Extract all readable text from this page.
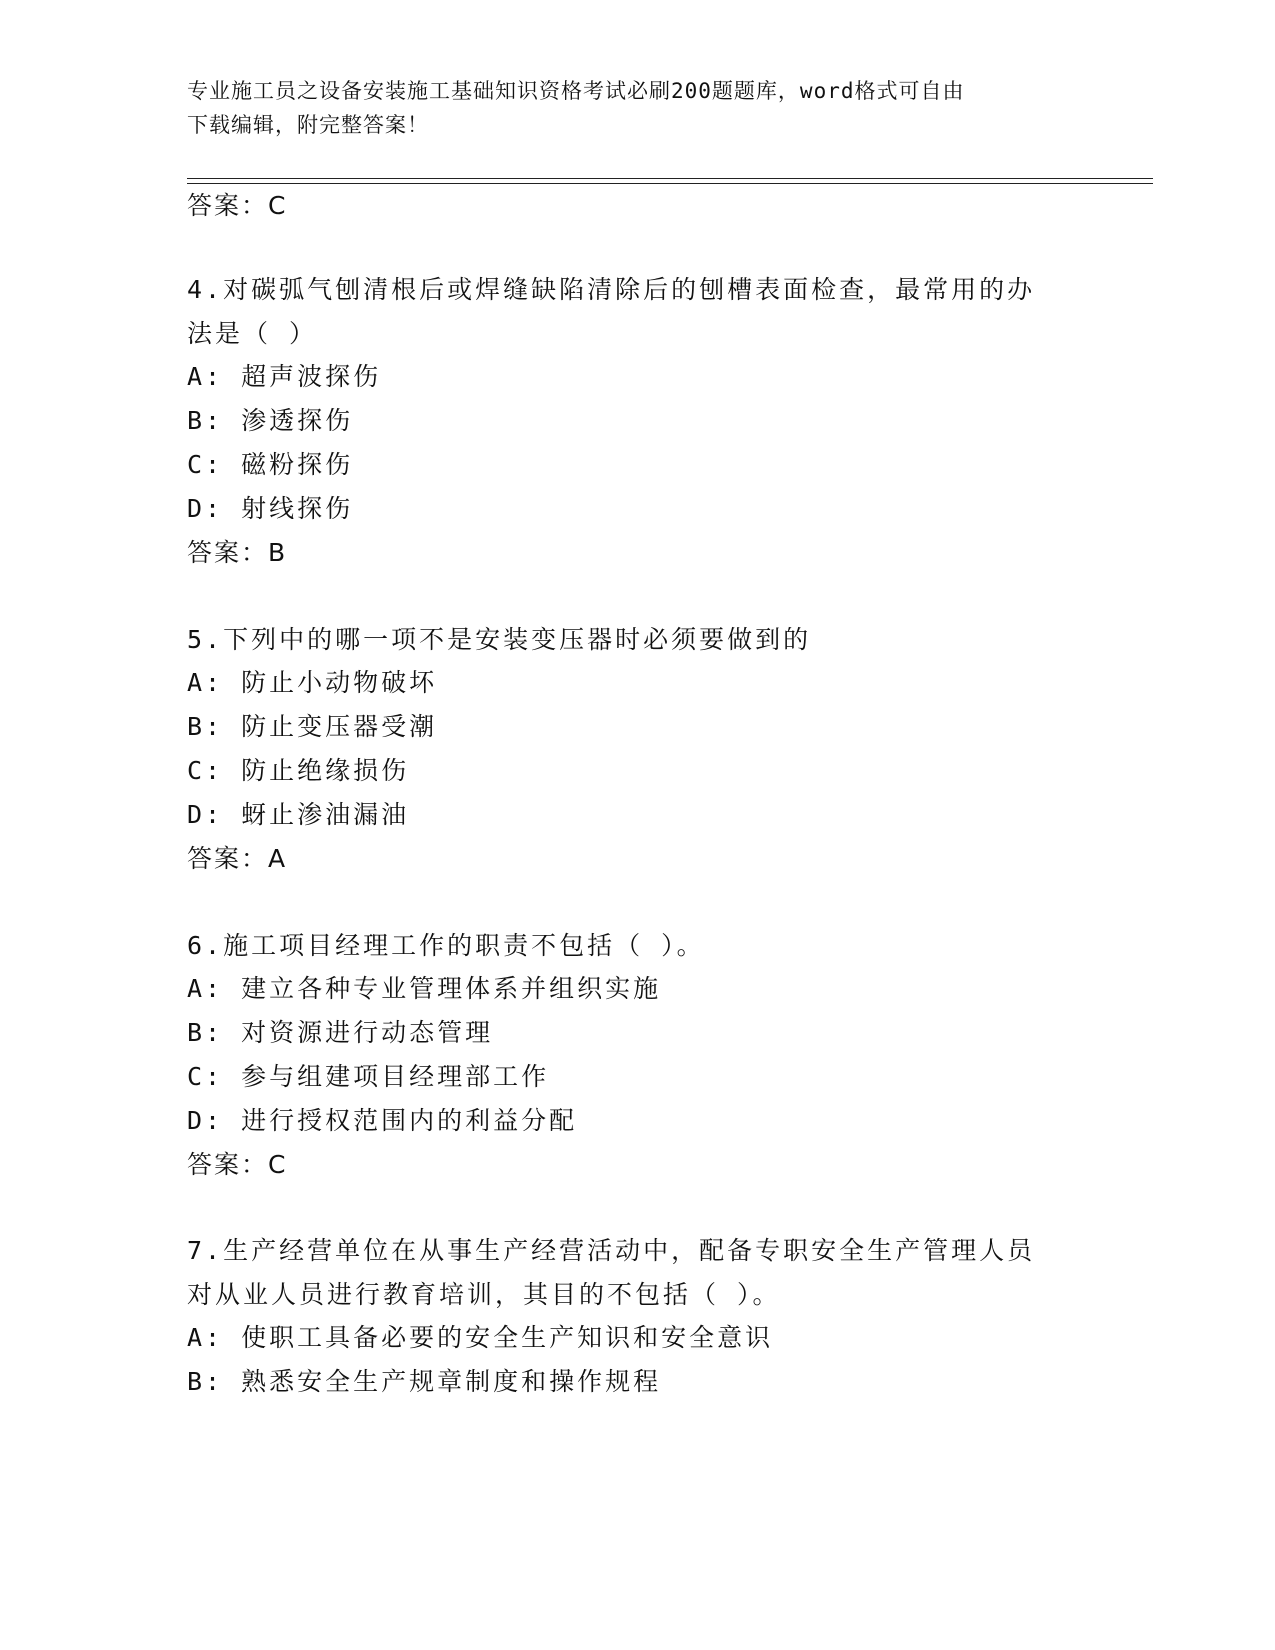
专业施工员之设备安装施工基础知识资格考试必刷200题题库，word格式可自由
下载编辑，附完整答案！
答案：C
4.对碳弧气刨清根后或焊缝缺陷清除后的刨槽表面检查，最常用的办
法是（ ）
A: 超声波探伤
B: 渗透探伤
C: 磁粉探伤
D: 射线探伤
答案：B
5.下列中的哪一项不是安装变压器时必须要做到的
A: 防止小动物破坏
B: 防止变压器受潮
C: 防止绝缘损伤
D: 蚜止渗油漏油
答案：A
6.施工项目经理工作的职责不包括（ ）。
A: 建立各种专业管理体系并组织实施
B: 对资源进行动态管理
C: 参与组建项目经理部工作
D: 进行授权范围内的利益分配
答案：C
7.生产经营单位在从事生产经营活动中，配备专职安全生产管理人员
对从业人员进行教育培训，其目的不包括（ ）。
A: 使职工具备必要的安全生产知识和安全意识
B: 熟悉安全生产规章制度和操作规程
